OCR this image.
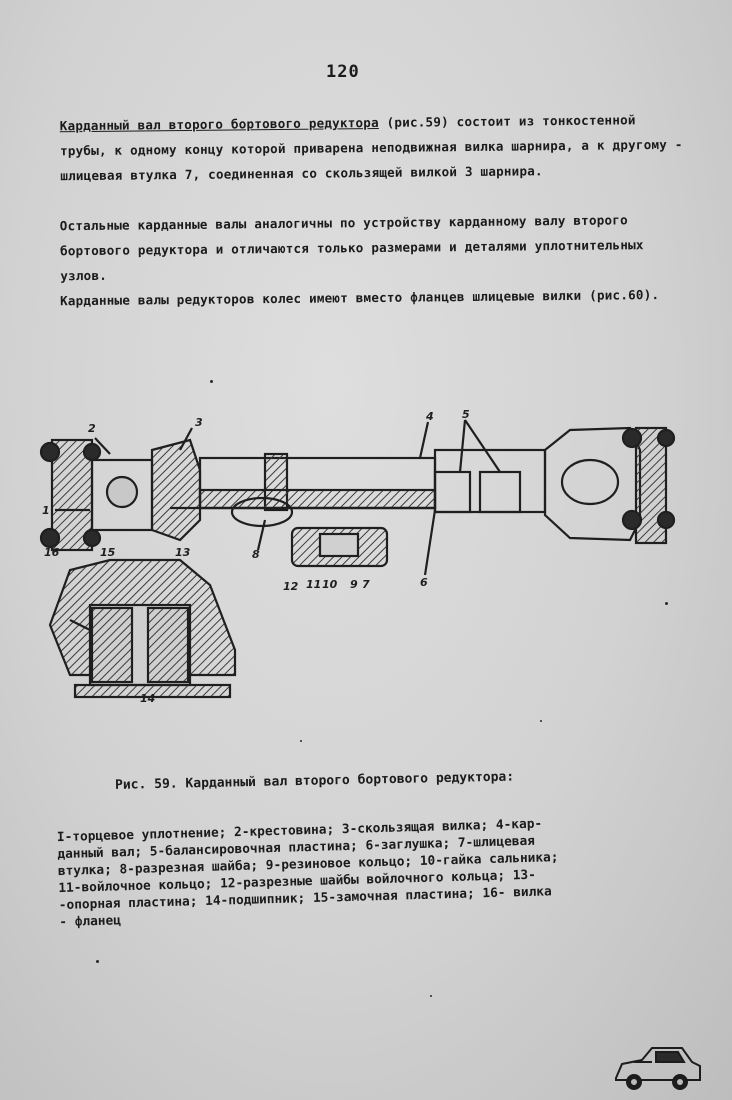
120

Карданный вал второго бортового редуктора (рис.59) состоит из тонкостенной трубы, к одному концу которой приварена неподвижная вилка шарнира, а к другому - шлицевая втулка 7, соединенная со скользящей вилкой 3 шарнира.

Остальные карданные валы аналогичны по устройству карданному валу второго бортового редуктора и отличаются только размерами и деталями уплотнительных узлов.

Карданные валы редукторов колес имеют вместо фланцев шлицевые вилки (рис.60).

1
2	3	4	5
6
7
8
9
10
11
12
13
14
15
16
Рис. 59. Карданный вал второго бортового редуктора:
I-торцевое уплотнение; 2-крестовина; 3-скользящая вилка; 4-кар-
данный вал; 5-балансировочная пластина; 6-заглушка; 7-шлицевая
втулка; 8-разрезная шайба; 9-резиновое кольцо; 10-гайка сальника;
11-войлочное кольцо; 12-разрезные шайбы войлочного кольца; 13-
-опорная пластина; 14-подшипник; 15-замочная пластина; 16- вилка
- фланец
